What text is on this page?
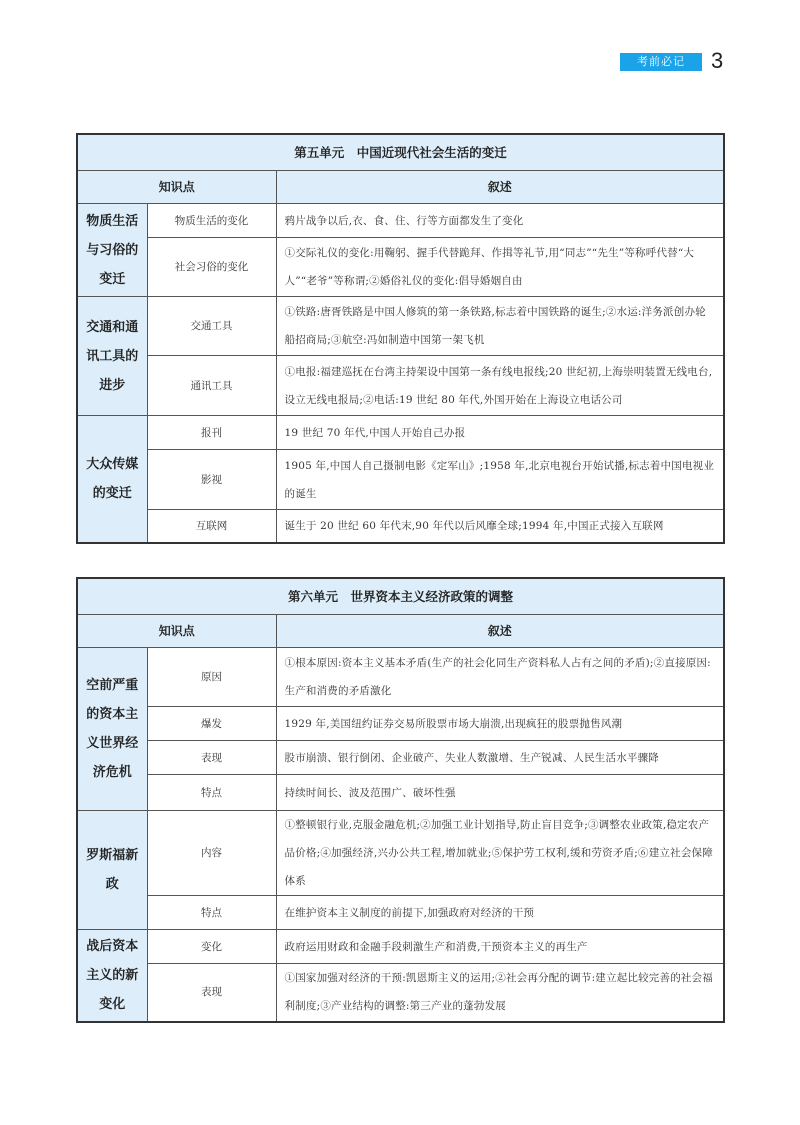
考前必记	3
第五单元　中国近现代社会生活的变迁		
知识点		叙述
物质生活与习俗的变迁	物质生活的变化	鸦片战争以后,衣、食、住、行等方面都发生了变化
	社会习俗的变化	①交际礼仪的变化:用鞠躬、握手代替跪拜、作揖等礼节,用“同志”“先生”等称呼代替“大人”“老爷”等称谓;②婚俗礼仪的变化:倡导婚姻自由
交通和通讯工具的进步	交通工具	①铁路:唐胥铁路是中国人修筑的第一条铁路,标志着中国铁路的诞生;②水运:洋务派创办轮船招商局;③航空:冯如制造中国第一架飞机
	通讯工具	①电报:福建巡抚在台湾主持架设中国第一条有线电报线;20 世纪初,上海崇明装置无线电台,设立无线电报局;②电话:19 世纪 80 年代,外国开始在上海设立电话公司
大众传媒的变迁	报刊	19 世纪 70 年代,中国人开始自己办报
	影视	1905 年,中国人自己摄制电影《定军山》;1958 年,北京电视台开始试播,标志着中国电视业的诞生
	互联网	诞生于 20 世纪 60 年代末,90 年代以后风靡全球;1994 年,中国正式接入互联网
第六单元　世界资本主义经济政策的调整		
知识点		叙述
空前严重的资本主义世界经济危机	原因	①根本原因:资本主义基本矛盾(生产的社会化同生产资料私人占有之间的矛盾);②直接原因:生产和消费的矛盾激化
	爆发	1929 年,美国纽约证券交易所股票市场大崩溃,出现疯狂的股票抛售风潮
	表现	股市崩溃、银行倒闭、企业破产、失业人数激增、生产锐减、人民生活水平骤降
	特点	持续时间长、波及范围广、破坏性强
罗斯福新政	内容	①整顿银行业,克服金融危机;②加强工业计划指导,防止盲目竞争;③调整农业政策,稳定农产品价格;④加强经济,兴办公共工程,增加就业;⑤保护劳工权利,缓和劳资矛盾;⑥建立社会保障体系
	特点	在维护资本主义制度的前提下,加强政府对经济的干预
战后资本主义的新变化	变化	政府运用财政和金融手段刺激生产和消费,干预资本主义的再生产
	表现	①国家加强对经济的干预:凯恩斯主义的运用;②社会再分配的调节:建立起比较完善的社会福利制度;③产业结构的调整:第三产业的蓬勃发展
